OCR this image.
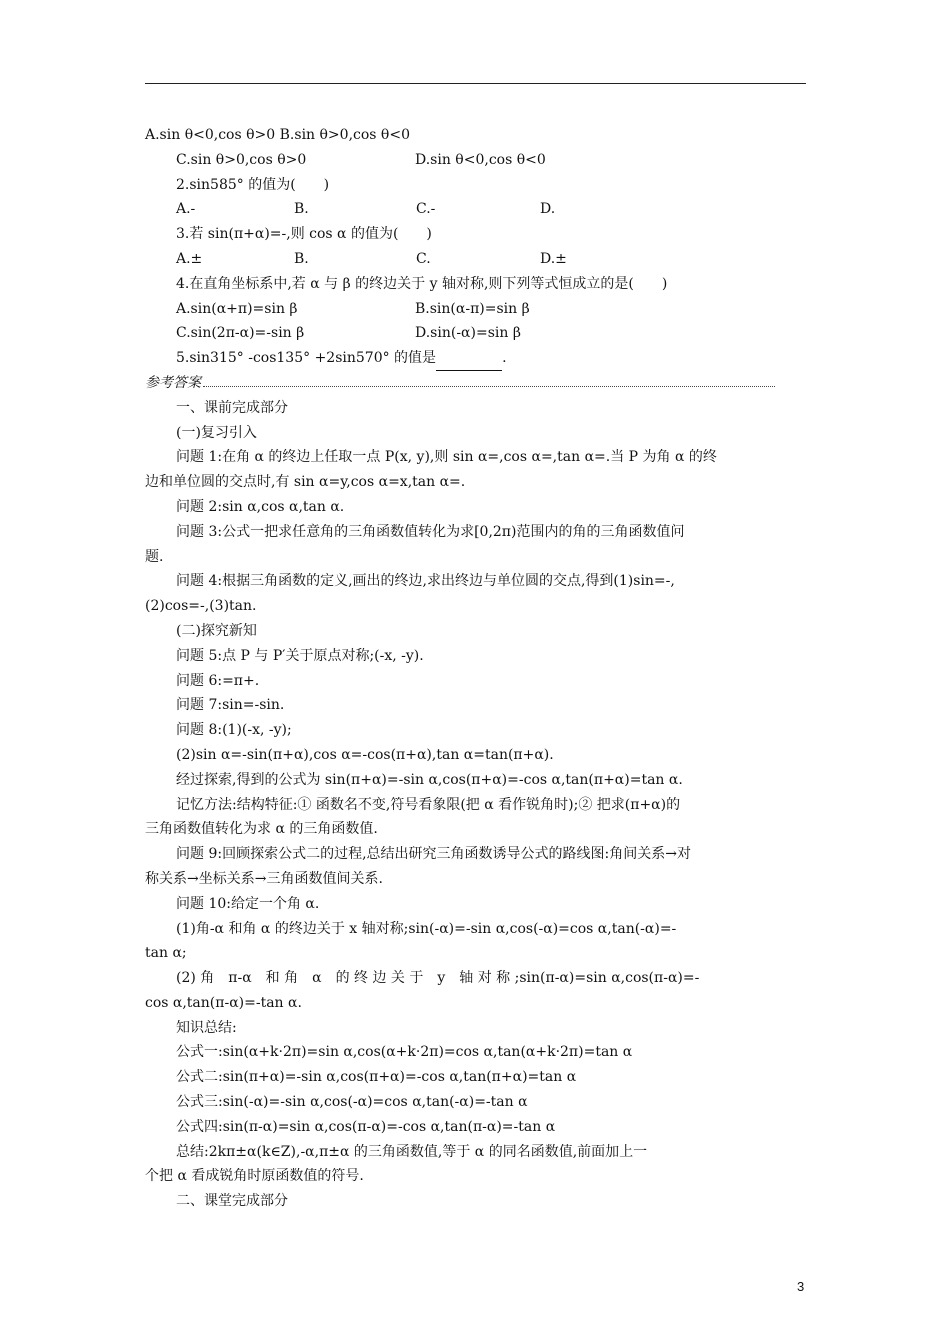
A.sin θ<0,cos θ>0 B.sin θ>0,cos θ<0
C.sin θ>0,cos θ>0	D.sin θ<0,cos θ<0
2.sin585° 的值为(　　)
A.-	B.	C.-	D.
3.若 sin(π+α)=-,则 cos α 的值为(　　)
A.±	B.	C.	D.±
4.在直角坐标系中,若 α 与 β 的终边关于 y 轴对称,则下列等式恒成立的是(　　)
A.sin(α+π)=sin β	B.sin(α-π)=sin β
C.sin(2π-α)=-sin β	D.sin(-α)=sin β
5.sin315° -cos135° +2sin570° 的值是	.
参考答案
一、课前完成部分
(一)复习引入
问题 1:在角 α 的终边上任取一点 P(x, y),则 sin α=,cos α=,tan α=.当 P 为角 α 的终
边和单位圆的交点时,有 sin α=y,cos α=x,tan α=.
问题 2:sin α,cos α,tan α.
问题 3:公式一把求任意角的三角函数值转化为求[0,2π)范围内的角的三角函数值问
题.
问题 4:根据三角函数的定义,画出的终边,求出终边与单位圆的交点,得到(1)sin=-,
(2)cos=-,(3)tan.
(二)探究新知
问题 5:点 P 与 P′关于原点对称;(-x, -y).
问题 6:=π+.
问题 7:sin=-sin.
问题 8:(1)(-x, -y);
(2)sin α=-sin(π+α),cos α=-cos(π+α),tan α=tan(π+α).
经过探索,得到的公式为 sin(π+α)=-sin α,cos(π+α)=-cos α,tan(π+α)=tan α.
记忆方法:结构特征:① 函数名不变,符号看象限(把 α 看作锐角时);② 把求(π+α)的
三角函数值转化为求 α 的三角函数值.
问题 9:回顾探索公式二的过程,总结出研究三角函数诱导公式的路线图:角间关系→对
称关系→坐标关系→三角函数值间关系.
问题 10:给定一个角 α.
(1)角-α 和角 α 的终边关于 x 轴对称;sin(-α)=-sin α,cos(-α)=cos α,tan(-α)=-
tan α;
(2) 角　π-α　和 角　α　的 终 边 关 于　y　轴 对 称 ;sin(π-α)=sin α,cos(π-α)=-
cos α,tan(π-α)=-tan α.
知识总结:
公式一:sin(α+k·2π)=sin α,cos(α+k·2π)=cos α,tan(α+k·2π)=tan α
公式二:sin(π+α)=-sin α,cos(π+α)=-cos α,tan(π+α)=tan α
公式三:sin(-α)=-sin α,cos(-α)=cos α,tan(-α)=-tan α
公式四:sin(π-α)=sin α,cos(π-α)=-cos α,tan(π-α)=-tan α
总结:2kπ±α(k∈Z),-α,π±α 的三角函数值,等于 α 的同名函数值,前面加上一
个把 α 看成锐角时原函数值的符号.
二、课堂完成部分
3
